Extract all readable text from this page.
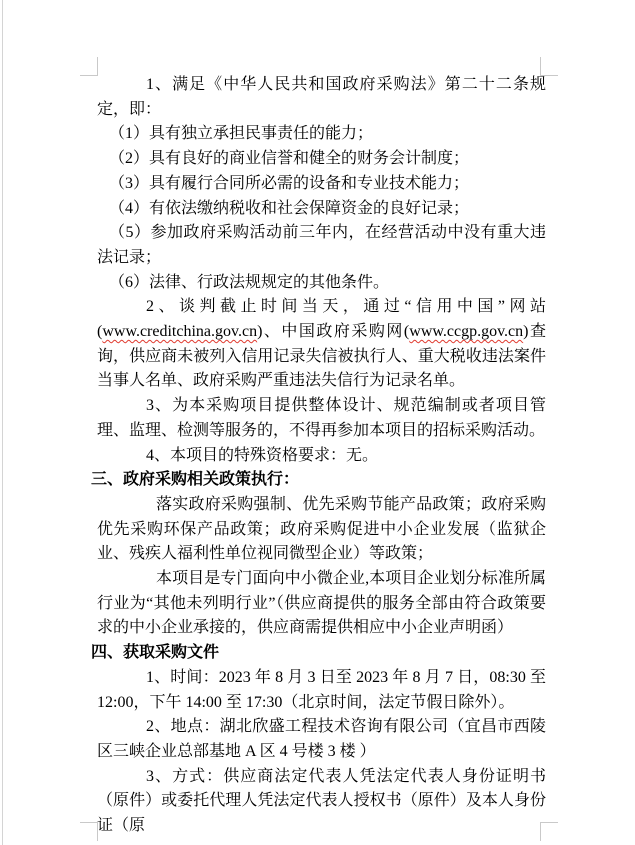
1、满足《中华人民共和国政府采购法》第二十二条规定，即：

（1）具有独立承担民事责任的能力；

（2）具有良好的商业信誉和健全的财务会计制度；

（3）具有履行合同所必需的设备和专业技术能力；

（4）有依法缴纳税收和社会保障资金的良好记录；

（5）参加政府采购活动前三年内，在经营活动中没有重大违法记录；

（6）法律、行政法规规定的其他条件。

2、谈判截止时间当天，通过“信用中国”网站(www.creditchina.gov.cn)、中国政府采购网(www.ccgp.gov.cn)查询，供应商未被列入信用记录失信被执行人、重大税收违法案件当事人名单、政府采购严重违法失信行为记录名单。

3、为本采购项目提供整体设计、规范编制或者项目管理、监理、检测等服务的，不得再参加本项目的招标采购活动。

4、本项目的特殊资格要求：无。

三、政府采购相关政策执行：

落实政府采购强制、优先采购节能产品政策；政府采购优先采购环保产品政策；政府采购促进中小企业发展（监狱企业、残疾人福利性单位视同微型企业）等政策；

本项目是专门面向中小微企业,本项目企业划分标准所属行业为“其他未列明行业”（供应商提供的服务全部由符合政策要求的中小企业承接的，供应商需提供相应中小企业声明函）

四、获取采购文件

1、时间：2023 年 8 月 3 日至 2023 年 8 月 7 日，08:30 至 12:00，下午 14:00 至 17:30（北京时间，法定节假日除外）。

2、地点：湖北欣盛工程技术咨询有限公司（宜昌市西陵区三峡企业总部基地 A 区 4 号楼 3 楼 ）

3、方式：供应商法定代表人凭法定代表人身份证明书（原件）或委托代理人凭法定代表人授权书（原件）及本人身份证（原
